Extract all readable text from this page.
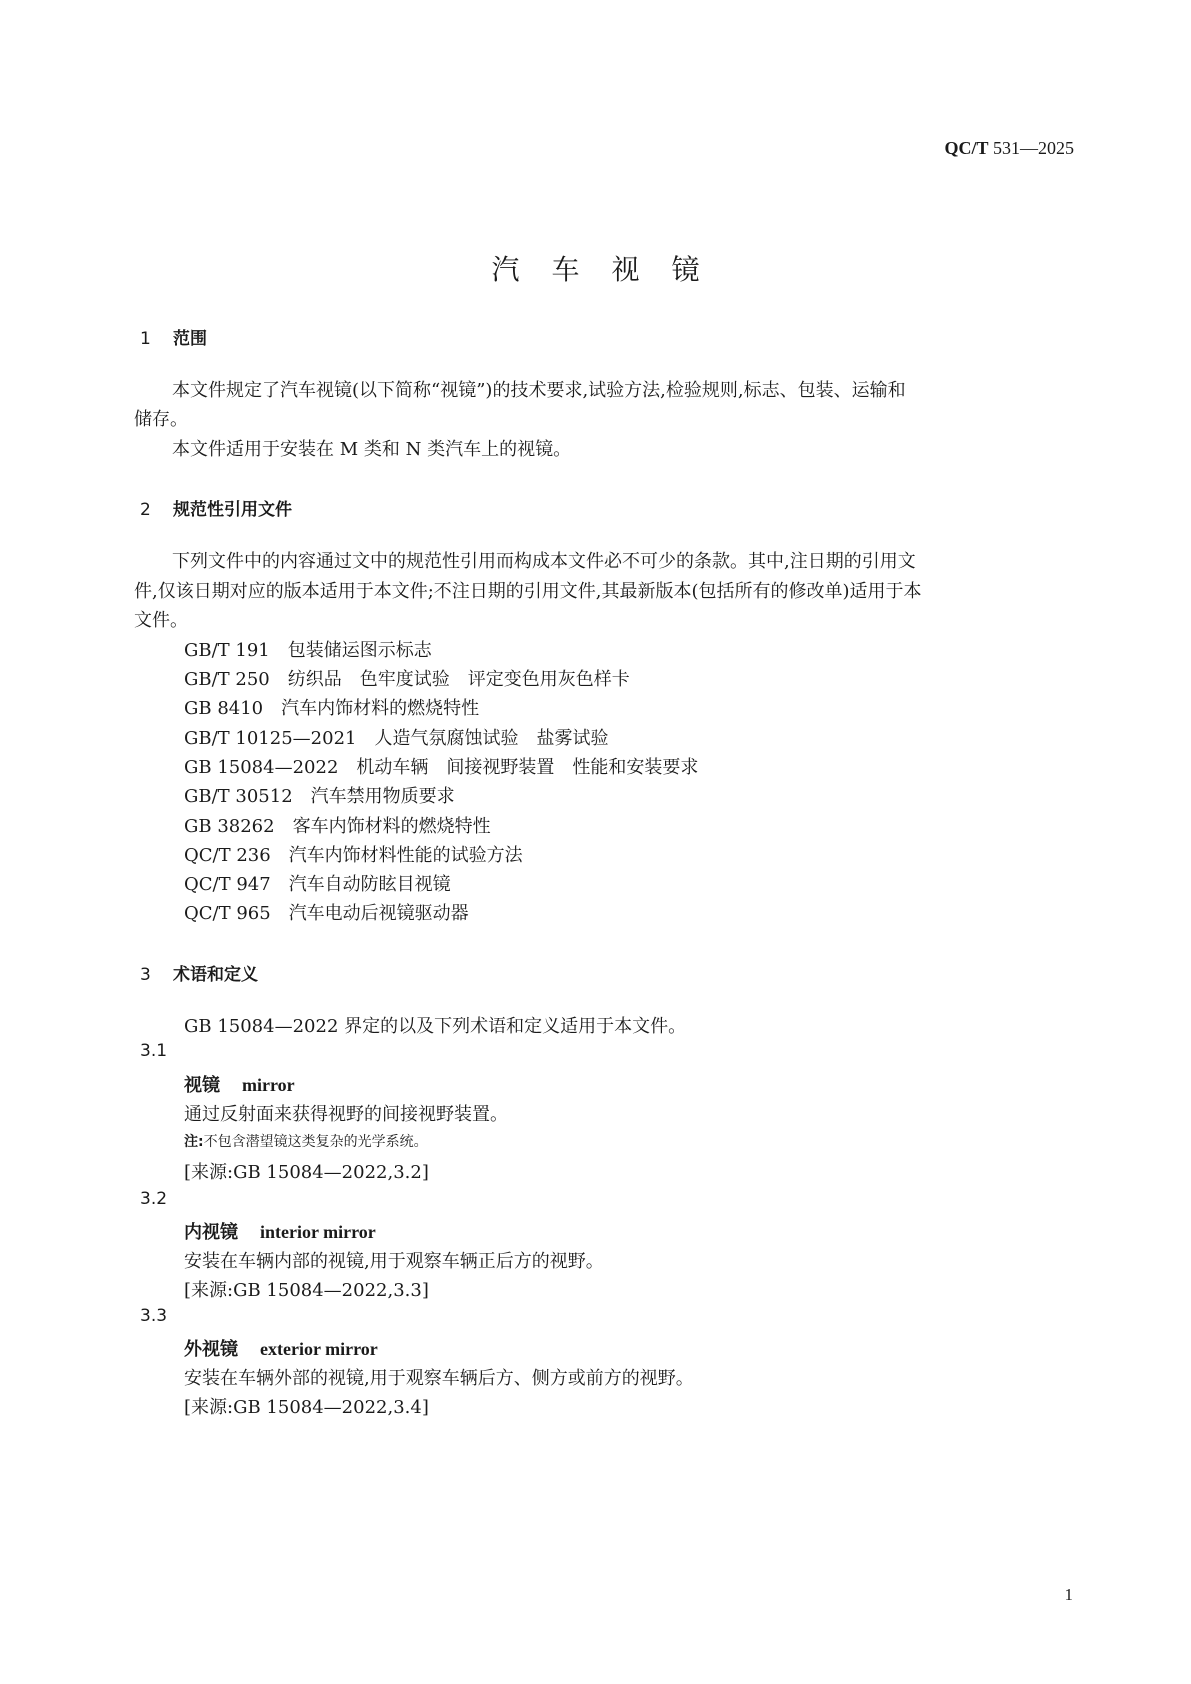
QC/T 531—2025
汽车视镜
1 范围
本文件规定了汽车视镜(以下简称“视镜”)的技术要求,试验方法,检验规则,标志、包装、运输和
储存。
本文件适用于安装在 M 类和 N 类汽车上的视镜。
2 规范性引用文件
下列文件中的内容通过文中的规范性引用而构成本文件必不可少的条款。其中,注日期的引用文
件,仅该日期对应的版本适用于本文件;不注日期的引用文件,其最新版本(包括所有的修改单)适用于本
文件。
GB/T 191 包装储运图示标志
GB/T 250 纺织品　色牢度试验　评定变色用灰色样卡
GB 8410 汽车内饰材料的燃烧特性
GB/T 10125—2021 人造气氛腐蚀试验　盐雾试验
GB 15084—2022 机动车辆　间接视野装置　性能和安装要求
GB/T 30512 汽车禁用物质要求
GB 38262 客车内饰材料的燃烧特性
QC/T 236 汽车内饰材料性能的试验方法
QC/T 947 汽车自动防眩目视镜
QC/T 965 汽车电动后视镜驱动器
3 术语和定义
GB 15084—2022 界定的以及下列术语和定义适用于本文件。
3.1
视镜 mirror
通过反射面来获得视野的间接视野装置。
注:不包含潜望镜这类复杂的光学系统。
[来源:GB 15084—2022,3.2]
3.2
内视镜 interior mirror
安装在车辆内部的视镜,用于观察车辆正后方的视野。
[来源:GB 15084—2022,3.3]
3.3
外视镜 exterior mirror
安装在车辆外部的视镜,用于观察车辆后方、侧方或前方的视野。
[来源:GB 15084—2022,3.4]
1
